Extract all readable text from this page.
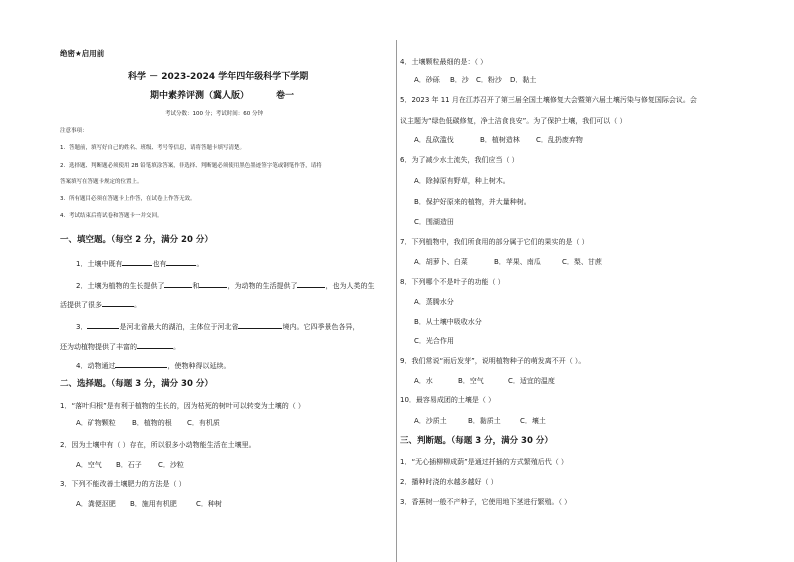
绝密★启用前
科学 － 2023-2024 学年四年级科学下学期
期中素养评测（冀人版）	卷一
考试分数：100 分；考试时间：60 分钟
注意事项：
1．答题前，填写好自己的姓名、班级、考号等信息，请将答题卡填写清楚。
2．选择题、判断题必须使用 2B 铅笔填涂答案，非选择、判断题必须使用黑色墨迹签字笔或钢笔作答，请将
答案填写在答题卡规定的位置上。
3．所有题目必须在答题卡上作答，在试卷上作答无效。
4．考试结束后将试卷和答题卡一并交回。
一、填空题。（每空 2 分，满分 20 分）
1．土壤中既有	也有	。
2．土壤为植物的生长提供了	和	，为动物的生活提供了	，也为人类的生
活提供了很多	。
3．	是河北省最大的湖泊，主体位于河北省	境内。它四季景色各异，
还为动植物提供了丰富的	。
4．动物通过	，使物种得以延续。
二、选择题。（每题 3 分，满分 30 分）
1．“落叶归根”是有利于植物的生长的，因为枯死的树叶可以转变为土壤的（ ）
A．矿物颗粒 B．植物的根 C．有机质
2．因为土壤中有（ ）存在，所以很多小动物能生活在土壤里。
A．空气 B．石子 C．沙粒
3．下列不能改善土壤肥力的方法是（ ）
A．粪便沤肥 B．施用有机肥	C．种树
4．土壤颗粒最细的是：（ ）
A．砂砾 B．沙 C．粉沙 D．黏土
5．2023 年 11 月在江苏召开了第三届全国土壤修复大会暨第六届土壤污染与修复国际会议。会
议主题为“绿色低碳修复，净土洁食良安”。为了保护土壤，我们可以（ ）
A．乱砍滥伐	B．植树造林 C．乱扔废弃物
6．为了减少水土流失，我们应当（ ）
A．除掉原有野草，种上树木。
B．保护好原来的植物，并大量种树。
C．围湖造田
7．下列植物中，我们所食用的部分属于它们的果实的是（ ）
A．胡萝卜、白菜	B．苹果、南瓜	C．梨、甘蔗
8．下列哪个不是叶子的功能（ ）
A．蒸腾水分
B．从土壤中吸收水分
C．光合作用
9．我们常说“雨后发芽”，说明植物种子的萌发离不开（ ）。
A．水	B．空气	C．适宜的温度
10．最容易成团的土壤是（ ）
A．沙质土	B．黏质土	C．壤土
三、判断题。（每题 3 分，满分 30 分）
1．“无心插柳柳成荫”是通过扦插的方式繁殖后代（ ）
2．播种时浇的水越多越好（ ）
3．香蕉树一般不产种子，它使用地下茎进行繁殖。（ ）
